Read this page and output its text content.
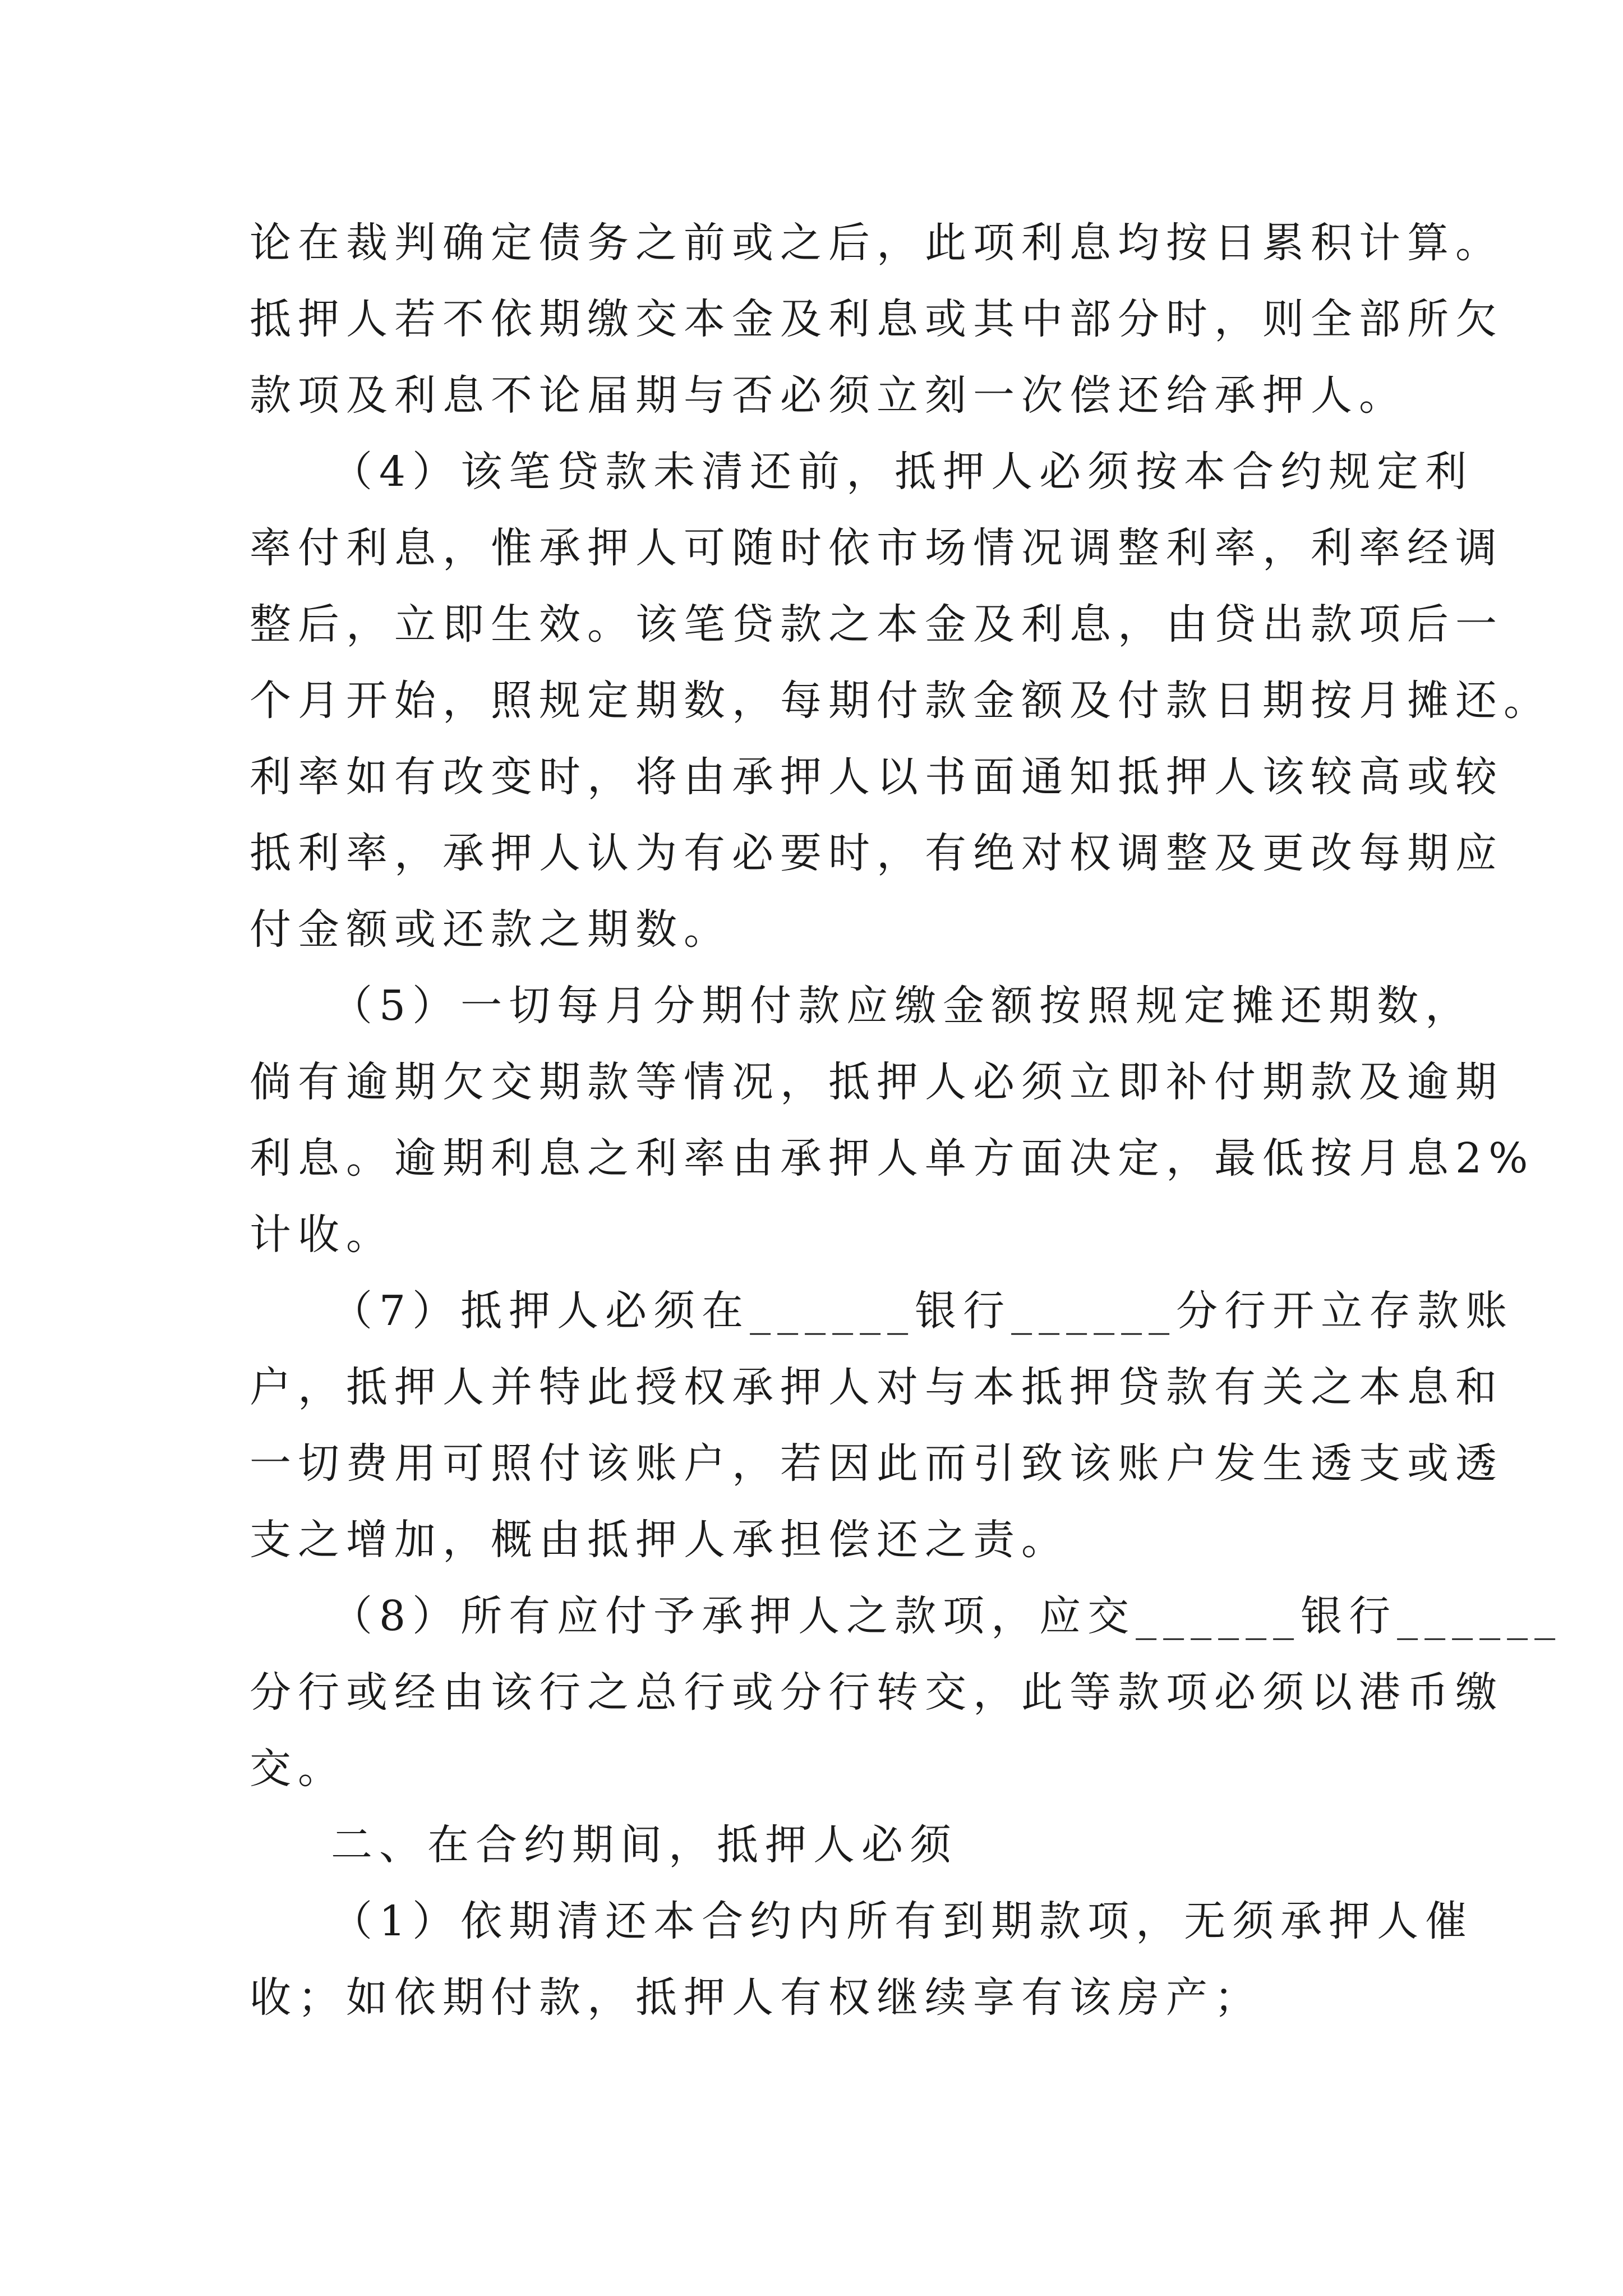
论在裁判确定债务之前或之后，此项利息均按日累积计算。
抵押人若不依期缴交本金及利息或其中部分时，则全部所欠
款项及利息不论届期与否必须立刻一次偿还给承押人。
（4）该笔贷款未清还前，抵押人必须按本合约规定利
率付利息，惟承押人可随时依市场情况调整利率，利率经调
整后，立即生效。该笔贷款之本金及利息，由贷出款项后一
个月开始，照规定期数，每期付款金额及付款日期按月摊还。
利率如有改变时，将由承押人以书面通知抵押人该较高或较
抵利率，承押人认为有必要时，有绝对权调整及更改每期应
付金额或还款之期数。
（5）一切每月分期付款应缴金额按照规定摊还期数，
倘有逾期欠交期款等情况，抵押人必须立即补付期款及逾期
利息。逾期利息之利率由承押人单方面决定，最低按月息2%
计收。
（7）抵押人必须在______银行______分行开立存款账
户，抵押人并特此授权承押人对与本抵押贷款有关之本息和
一切费用可照付该账户，若因此而引致该账户发生透支或透
支之增加，概由抵押人承担偿还之责。
（8）所有应付予承押人之款项，应交______银行______
分行或经由该行之总行或分行转交，此等款项必须以港币缴
交。
二、在合约期间，抵押人必须
（1）依期清还本合约内所有到期款项，无须承押人催
收；如依期付款，抵押人有权继续享有该房产；
